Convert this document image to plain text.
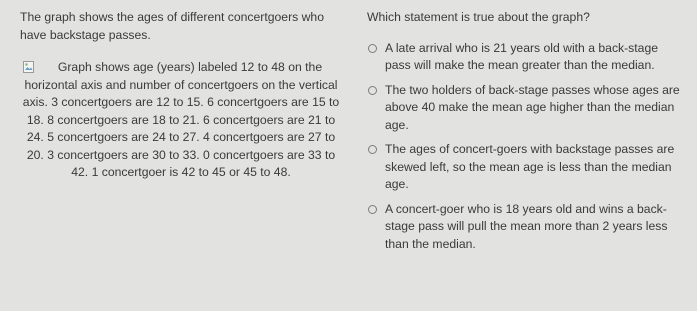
The graph shows the ages of different concertgoers who have backstage passes.

Graph shows age (years) labeled 12 to 48 on the horizontal axis and number of concertgoers on the vertical axis. 3 concertgoers are 12 to 15. 6 concertgoers are 15 to 18. 8 concertgoers are 18 to 21. 6 concertgoers are 21 to 24. 5 concertgoers are 24 to 27. 4 concertgoers are 27 to 20. 3 concertgoers are 30 to 33. 0 concertgoers are 33 to 42. 1 concertgoer is 42 to 45 or 45 to 48.

Which statement is true about the graph?

A late arrival who is 21 years old with a back-stage pass will make the mean greater than the median.
The two holders of back-stage passes whose ages are above 40 make the mean age higher than the median age.
The ages of concert-goers with backstage passes are skewed left, so the mean age is less than the median age.
A concert-goer who is 18 years old and wins a back-stage pass will pull the mean more than 2 years less than the median.
